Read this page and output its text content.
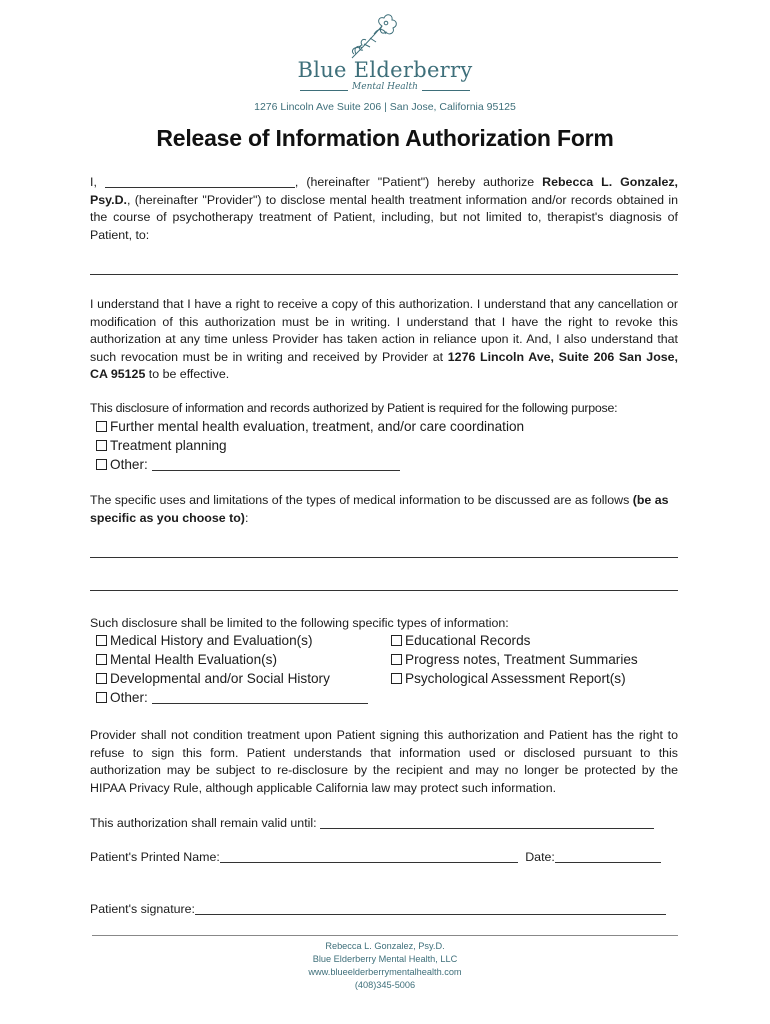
Blue Elderberry
Mental Health
1276 Lincoln Ave Suite 206 | San Jose, California 95125
Release of Information Authorization Form
I,	, (hereinafter "Patient") hereby authorize Rebecca L. Gonzalez, Psy.D., (hereinafter "Provider") to disclose mental health treatment information and/or records obtained in the course of psychotherapy treatment of Patient, including, but not limited to, therapist's diagnosis of Patient, to:
I understand that I have a right to receive a copy of this authorization. I understand that any cancellation or modification of this authorization must be in writing. I understand that I have the right to revoke this authorization at any time unless Provider has taken action in reliance upon it. And, I also understand that such revocation must be in writing and received by Provider at 1276 Lincoln Ave, Suite 206 San Jose, CA 95125 to be effective.
This disclosure of information and records authorized by Patient is required for the following purpose:
Further mental health evaluation, treatment, and/or care coordination
Treatment planning
Other:
The specific uses and limitations of the types of medical information to be discussed are as follows (be as specific as you choose to):
Such disclosure shall be limited to the following specific types of information:
Medical History and Evaluation(s)
Mental Health Evaluation(s)
Developmental and/or Social History
Other:
Educational Records
Progress notes, Treatment Summaries
Psychological Assessment Report(s)
Provider shall not condition treatment upon Patient signing this authorization and Patient has the right to refuse to sign this form. Patient understands that information used or disclosed pursuant to this authorization may be subject to re-disclosure by the recipient and may no longer be protected by the HIPAA Privacy Rule, although applicable California law may protect such information.
This authorization shall remain valid until:
Patient's Printed Name:	Date:
Patient's signature:
Rebecca L. Gonzalez, Psy.D.
Blue Elderberry Mental Health, LLC
www.blueelderberrymentalhealth.com
(408)345-5006
